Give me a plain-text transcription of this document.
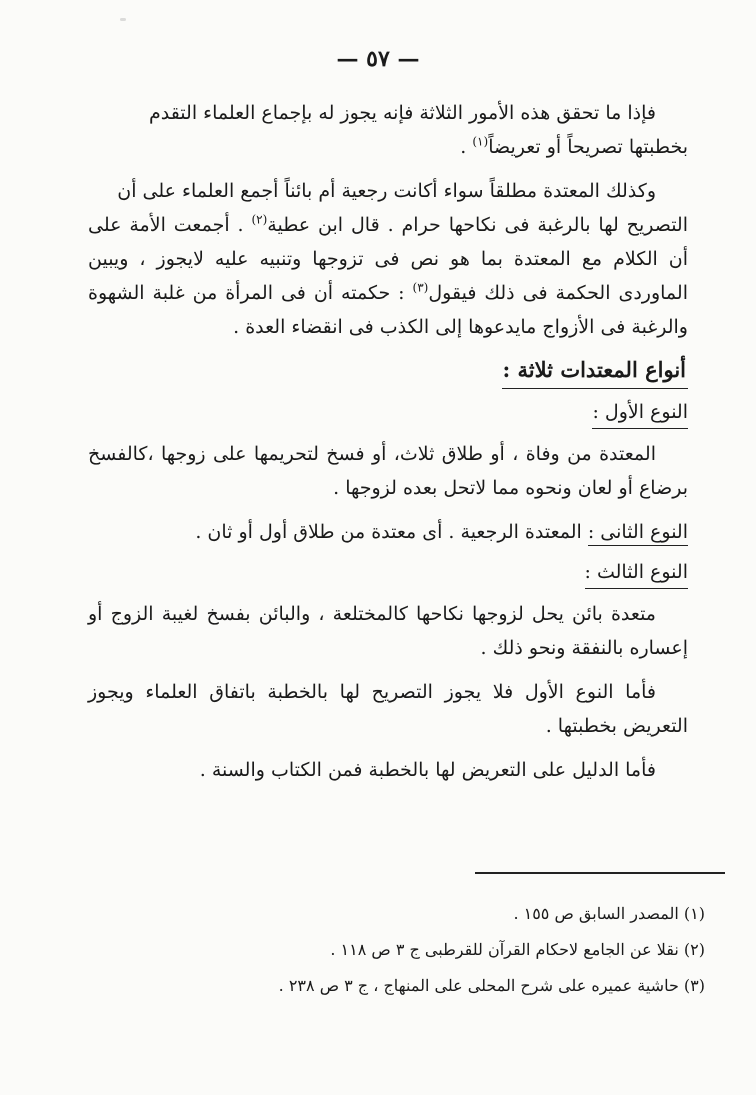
— ٥٧ —

فإذا ما تحقق هذه الأمور الثلاثة فإنه يجوز له بإجماع العلماء التقدم
بخطبتها تصريحاً أو تعريضاً$^{(١)}$ .

وكذلك المعتدة مطلقاً سواء أكانت رجعية أم بائناً أجمع العلماء على أن
التصريح لها بالرغبة فى نكاحها حرام . قال ابن عطية$^{(٢)}$ . أجمعت الأمة على أن الكلام مع المعتدة بما هو نص فى تزوجها وتنبيه عليه لايجوز ، ويبين الماوردى الحكمة فى ذلك فيقول$^{(٣)}$ : حكمته أن فى المرأة من غلبة الشهوة والرغبة فى الأزواج مايدعوها إلى الكذب فى انقضاء العدة .

أنواع المعتدات ثلاثة :
النوع الأول :

المعتدة من وفاة ، أو طلاق ثلاث، أو فسخ لتحريمها على زوجها ،كالفسخ برضاع أو لعان ونحوه مما لاتحل بعده لزوجها .

النوع الثانى : المعتدة الرجعية . أى معتدة من طلاق أول أو ثان .

النوع الثالث :

متعدة بائن يحل لزوجها نكاحها كالمختلعة ، والبائن بفسخ لغيبة الزوج أو إعساره بالنفقة ونحو ذلك .

فأما النوع الأول فلا يجوز التصريح لها بالخطبة باتفاق العلماء ويجوز التعريض بخطبتها .

فأما الدليل على التعريض لها بالخطبة فمن الكتاب والسنة .

(١) المصدر السابق ص ١٥٥ .
(٢) نقلا عن الجامع لاحكام القرآن للقرطبى ج ٣ ص ١١٨ .
(٣) حاشية عميره على شرح المحلى على المنهاج ، ج ٣ ص ٢٣٨ .
